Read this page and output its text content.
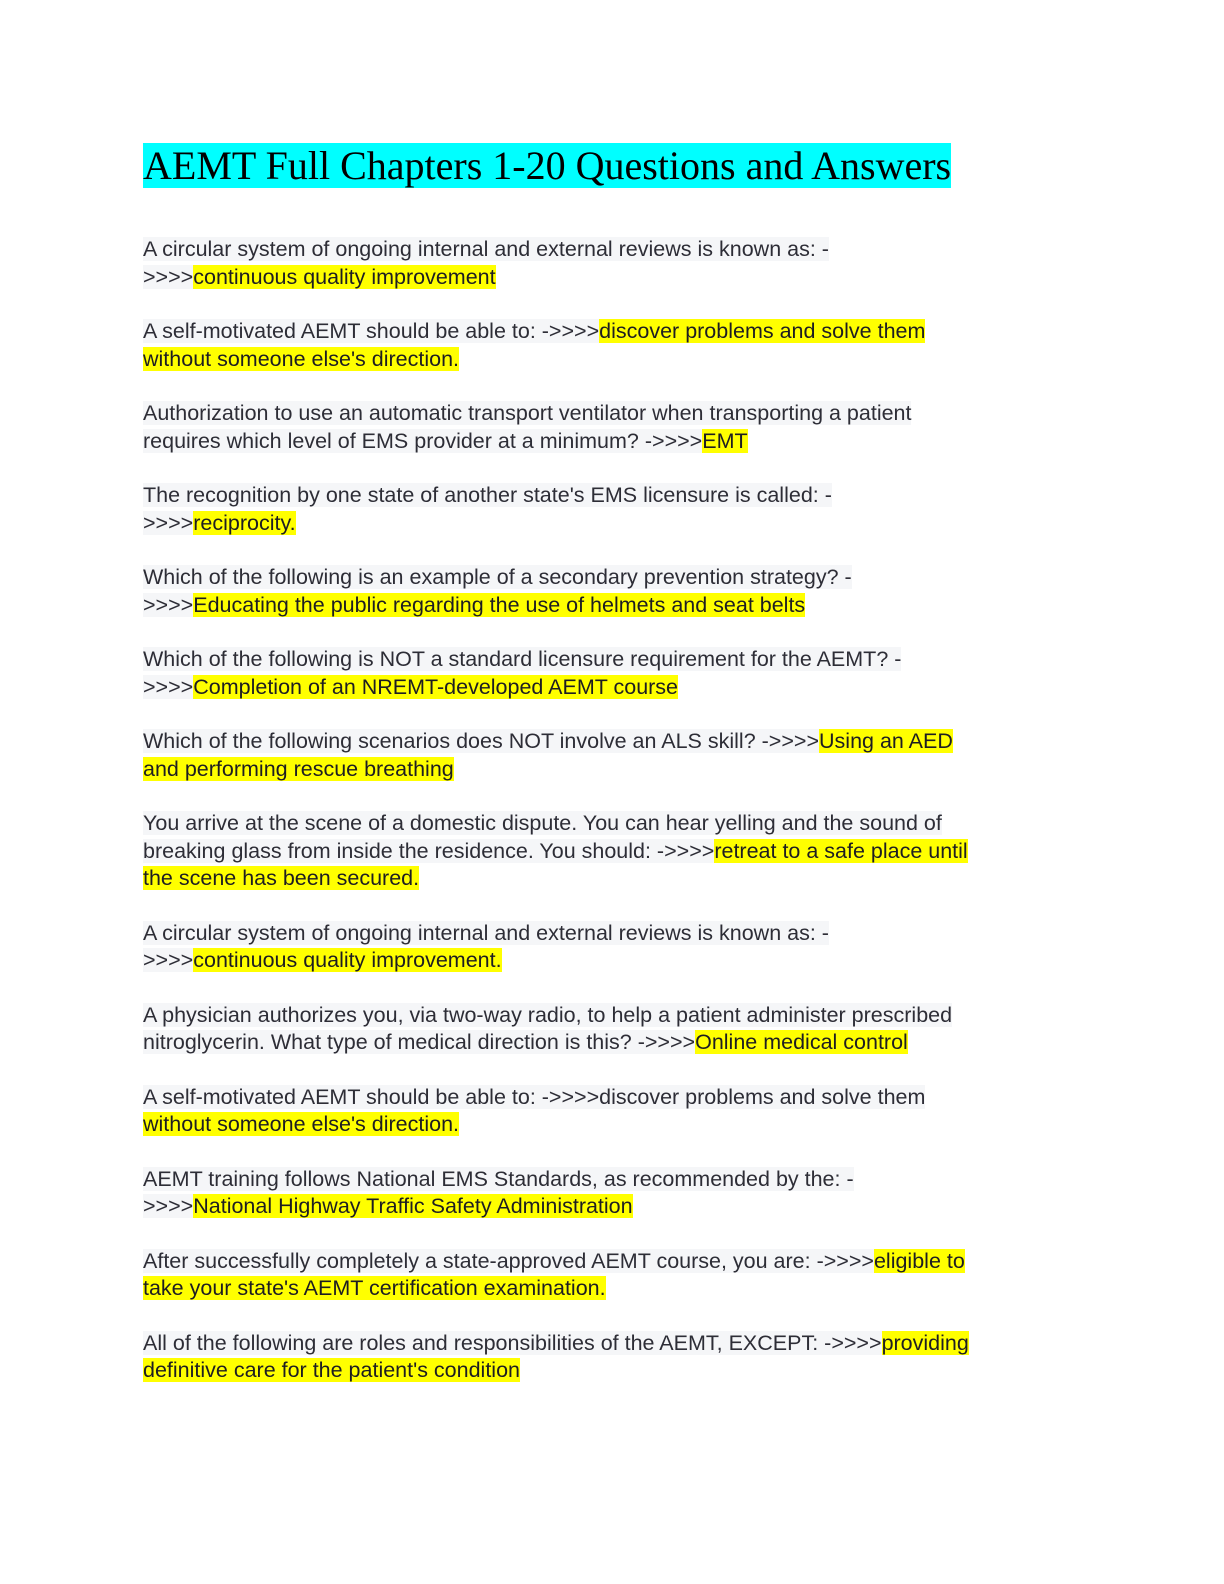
AEMT Full Chapters 1-20 Questions and Answers

A circular system of ongoing internal and external reviews is known as: -
>>>>continuous quality improvement

A self-motivated AEMT should be able to: ->>>>discover problems and solve them
without someone else's direction.

Authorization to use an automatic transport ventilator when transporting a patient
requires which level of EMS provider at a minimum? ->>>>EMT

The recognition by one state of another state's EMS licensure is called: -
>>>>reciprocity.

Which of the following is an example of a secondary prevention strategy? -
>>>>Educating the public regarding the use of helmets and seat belts

Which of the following is NOT a standard licensure requirement for the AEMT? -
>>>>Completion of an NREMT-developed AEMT course

Which of the following scenarios does NOT involve an ALS skill? ->>>>Using an AED
and performing rescue breathing

You arrive at the scene of a domestic dispute. You can hear yelling and the sound of
breaking glass from inside the residence. You should: ->>>>retreat to a safe place until
the scene has been secured.

A circular system of ongoing internal and external reviews is known as: -
>>>>continuous quality improvement.

A physician authorizes you, via two-way radio, to help a patient administer prescribed
nitroglycerin. What type of medical direction is this? ->>>>Online medical control

A self-motivated AEMT should be able to: ->>>>discover problems and solve them
without someone else's direction.

AEMT training follows National EMS Standards, as recommended by the: -
>>>>National Highway Traffic Safety Administration

After successfully completely a state-approved AEMT course, you are: ->>>>eligible to
take your state's AEMT certification examination.

All of the following are roles and responsibilities of the AEMT, EXCEPT: ->>>>providing
definitive care for the patient's condition
